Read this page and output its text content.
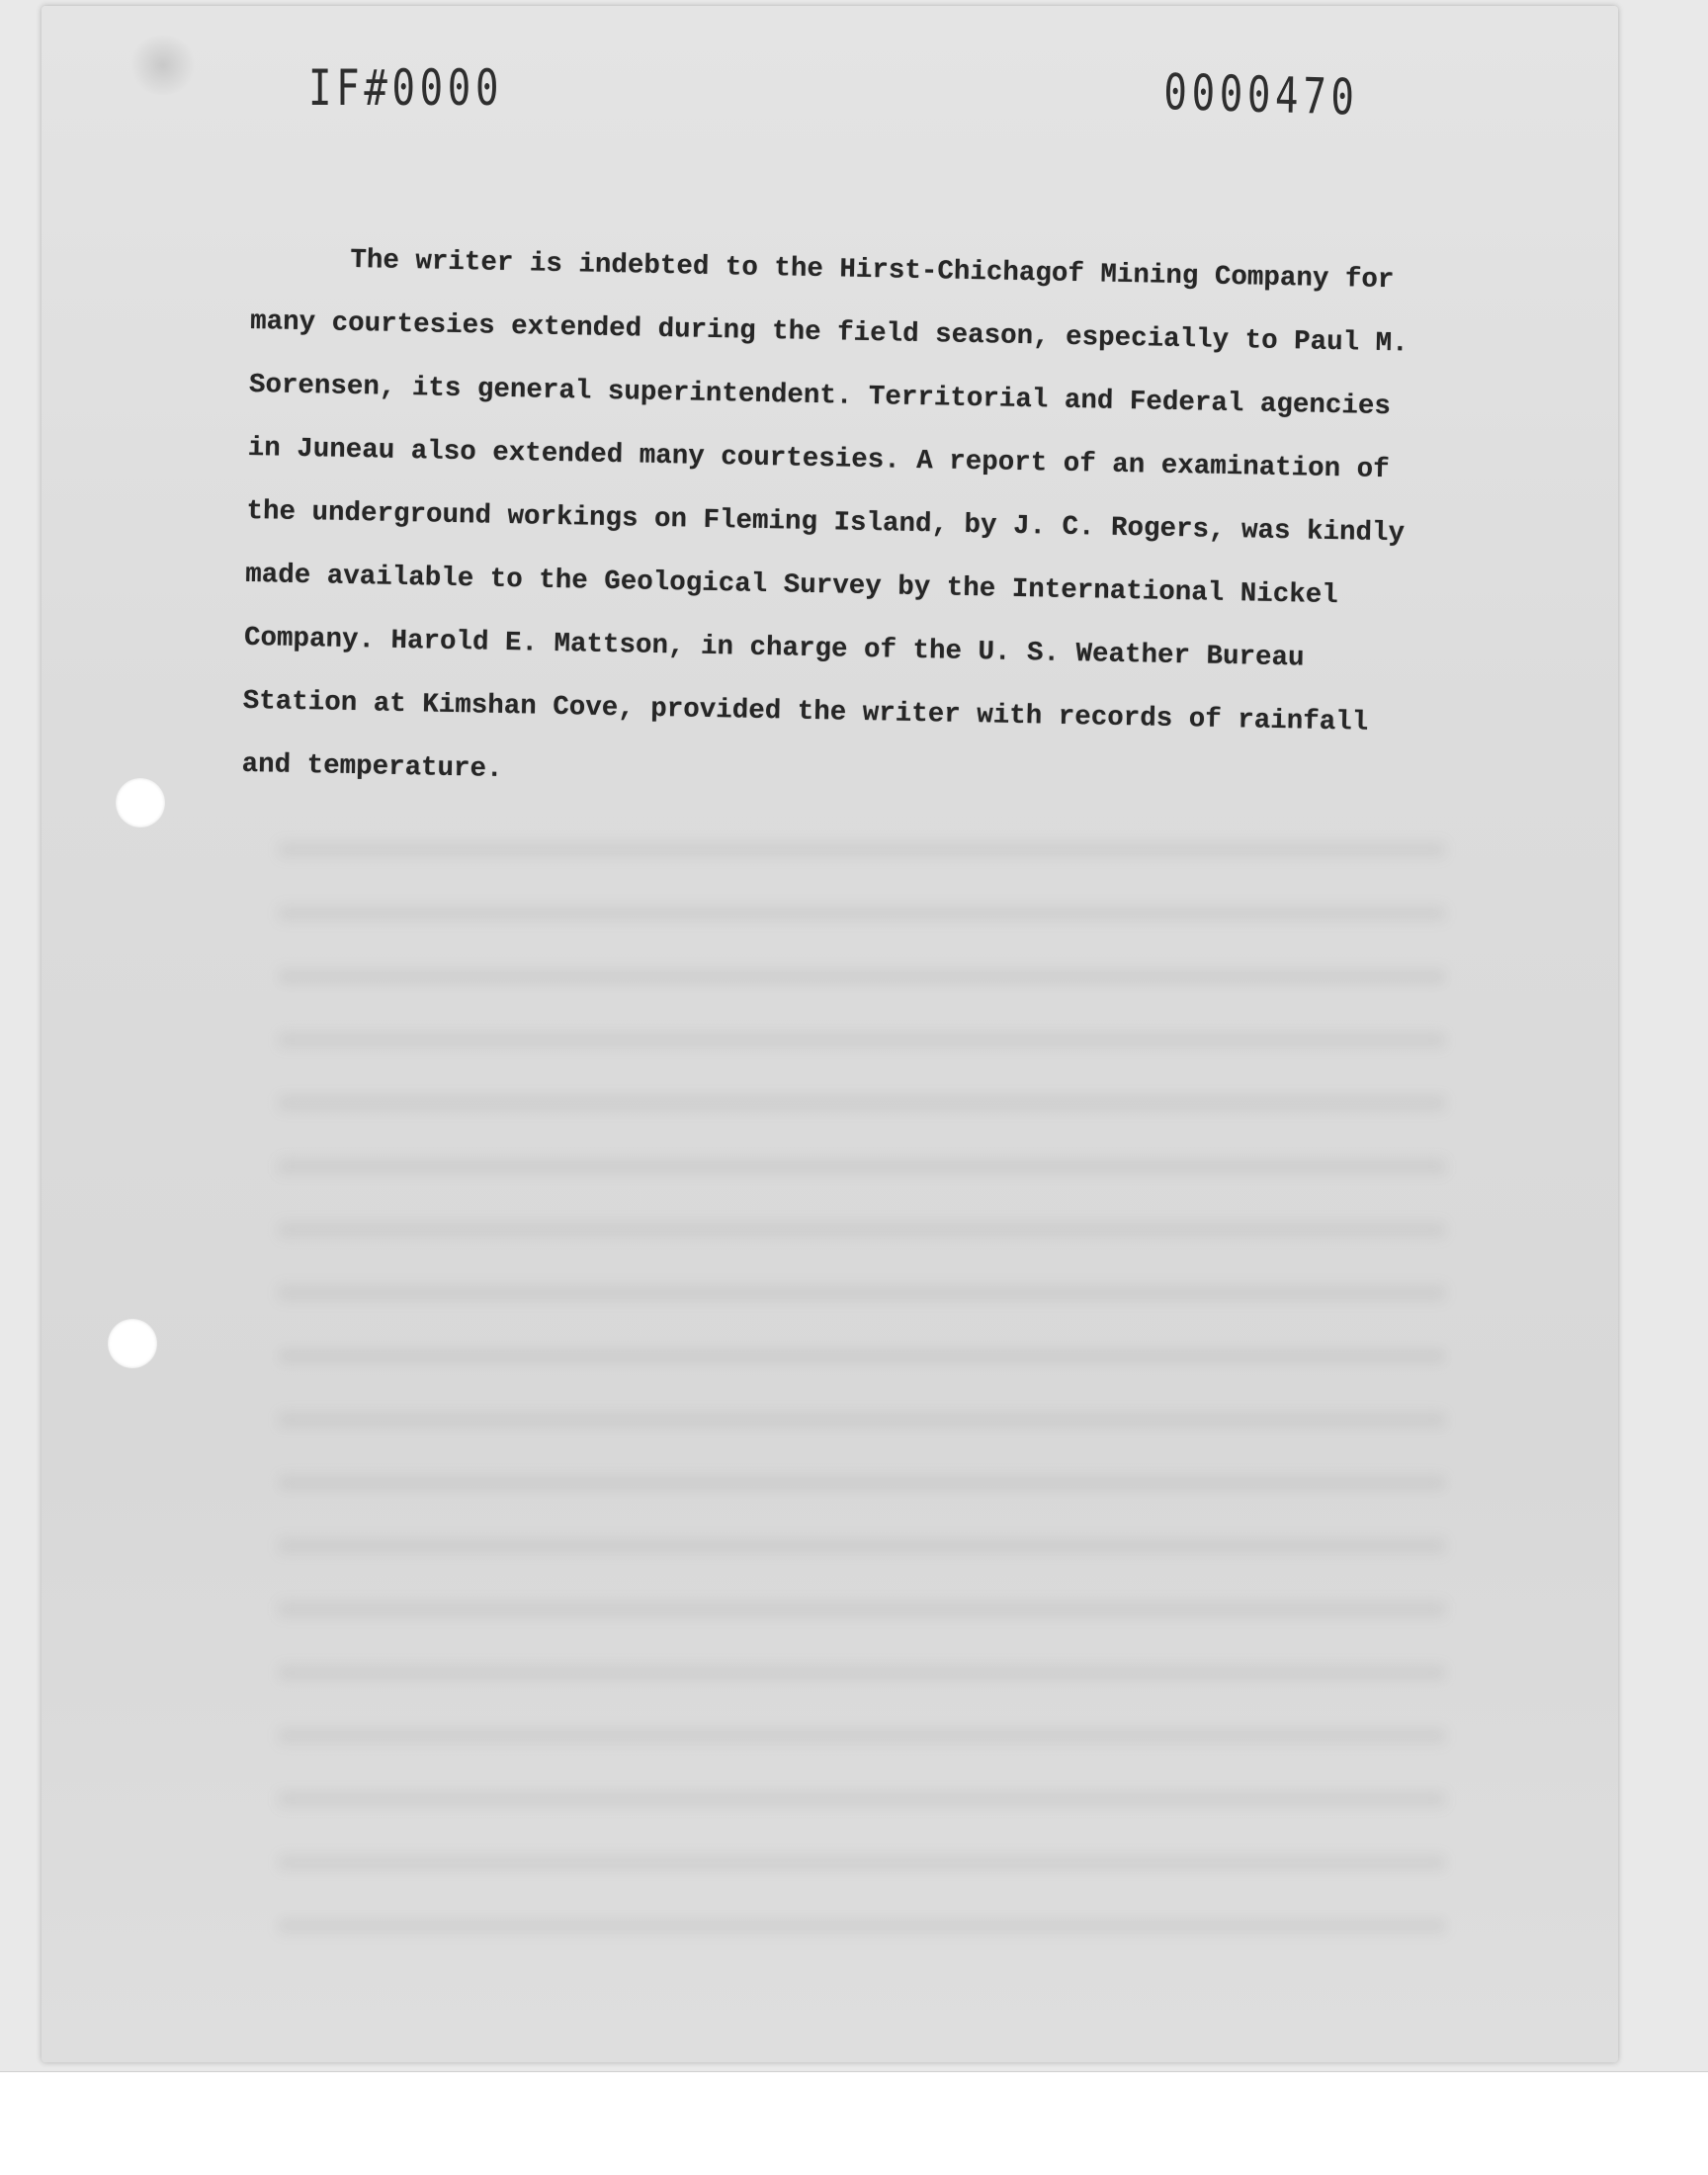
IF#0000	0000470

The writer is indebted to the Hirst-Chichagof Mining Company for many courtesies extended during the field season, especially to Paul M. Sorensen, its general superintendent. Territorial and Federal agencies in Juneau also extended many courtesies. A report of an examination of the underground workings on Fleming Island, by J. C. Rogers, was kindly made available to the Geological Survey by the International Nickel Company. Harold E. Mattson, in charge of the U. S. Weather Bureau Station at Kimshan Cove, provided the writer with records of rainfall and temperature.
